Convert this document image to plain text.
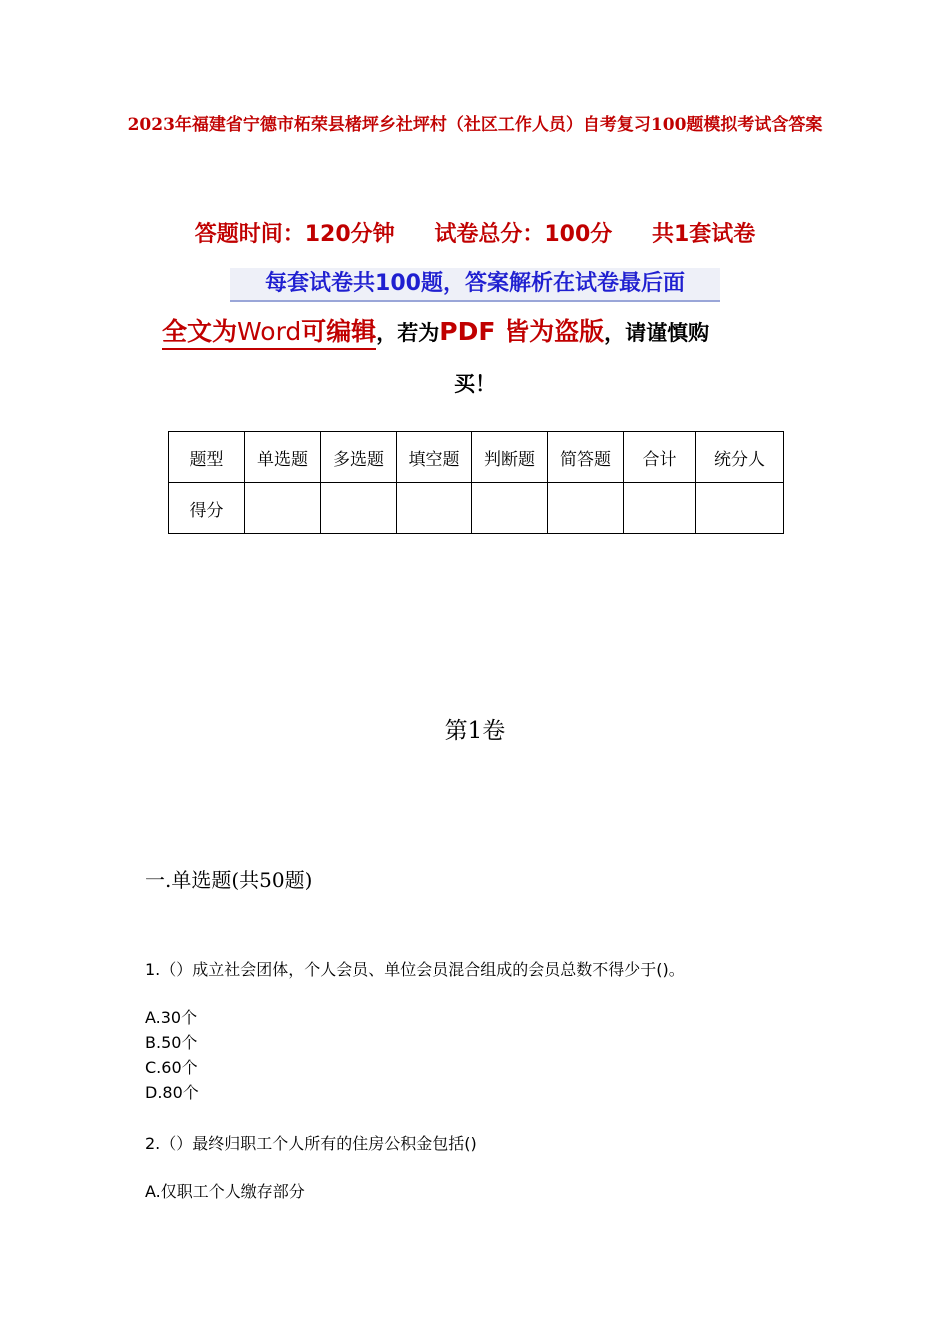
2023年福建省宁德市柘荣县楮坪乡社坪村（社区工作人员）自考复习100题模拟考试含答案
答题时间：120分钟 试卷总分：100分 共1套试卷
每套试卷共100题，答案解析在试卷最后面
全文为Word可编辑，若为PDF 皆为盗版，请谨慎购
买！
题型	单选题	多选题	填空题	判断题	简答题	合计	统分人
得分							
第1卷
一.单选题(共50题)
1.（）成立社会团体，个人会员、单位会员混合组成的会员总数不得少于()。
A.30个
B.50个
C.60个
D.80个
2.（）最终归职工个人所有的住房公积金包括()
A.仅职工个人缴存部分
